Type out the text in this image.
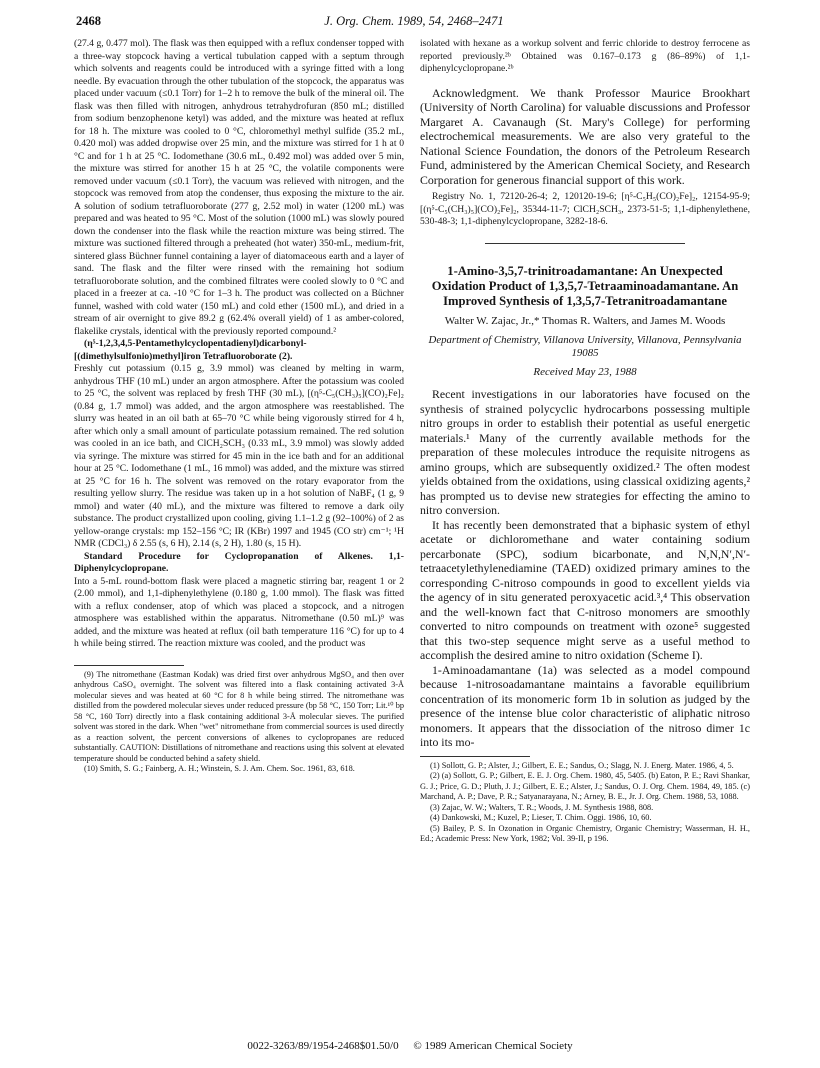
2468	J. Org. Chem. 1989, 54, 2468–2471

(27.4 g, 0.477 mol). The flask was then equipped with a reflux condenser topped with a three-way stopcock having a vertical tubulation capped with a septum through which solvents and reagents could be introduced with a syringe fitted with a long needle. By evacuation through the other tubulation of the stopcock, the apparatus was placed under vacuum (≤0.1 Torr) for 1–2 h to remove the bulk of the mineral oil. The flask was then filled with nitrogen, anhydrous tetrahydrofuran (850 mL; distilled from sodium benzophenone ketyl) was added, and the mixture was heated at reflux for 18 h. The mixture was cooled to 0 °C, chloromethyl methyl sulfide (35.2 mL, 0.420 mol) was added dropwise over 25 min, and the mixture was stirred for 1 h at 0 °C and for 1 h at 25 °C. Iodomethane (30.6 mL, 0.492 mol) was added over 5 min, the mixture was stirred for another 15 h at 25 °C, the volatile components were removed under vacuum (≤0.1 Torr), the vacuum was relieved with nitrogen, and the stopcock was removed from atop the condenser, thus exposing the mixture to the air. A solution of sodium tetrafluoroborate (277 g, 2.52 mol) in water (1200 mL) was prepared and was heated to 95 °C. Most of the solution (1000 mL) was slowly poured down the condenser into the flask while the reaction mixture was being stirred. The mixture was suctioned filtered through a preheated (hot water) 350-mL, medium-frit, sintered glass Büchner funnel containing a layer of diatomaceous earth and a layer of sand. The flask and the filter were rinsed with the remaining hot sodium tetrafluoroborate solution, and the combined filtrates were cooled slowly to 0 °C and placed in a freezer at ca. -10 °C for 1–3 h. The product was collected on a Büchner funnel, washed with cold water (150 mL) and cold ether (1500 mL), and dried in a stream of air overnight to give 89.2 g (62.4% overall yield) of 1 as amber-colored, flakelike crystals, identical with the previously reported compound.²

(η⁵-1,2,3,4,5-Pentamethylcyclopentadienyl)dicarbonyl-[(dimethylsulfonio)methyl]iron Tetrafluoroborate (2).

Freshly cut potassium (0.15 g, 3.9 mmol) was cleaned by melting in warm, anhydrous THF (10 mL) under an argon atmosphere. After the potassium was cooled to 25 °C, the solvent was replaced by fresh THF (30 mL), [(η⁵-C₅(CH₃)₅](CO)₂Fe]₂ (0.84 g, 1.7 mmol) was added, and the argon atmosphere was reestablished. The slurry was heated in an oil bath at 65–70 °C while being vigorously stirred for 4 h, after which only a small amount of particulate potassium remained. The red solution was cooled in an ice bath, and ClCH₂SCH₃ (0.33 mL, 3.9 mmol) was slowly added via syringe. The mixture was stirred for 45 min in the ice bath and for an additional hour at 25 °C. Iodomethane (1 mL, 16 mmol) was added, and the mixture was stirred at 25 °C for 16 h. The solvent was removed on the rotary evaporator from the resulting yellow slurry. The residue was taken up in a hot solution of NaBF₄ (1 g, 9 mmol) and water (40 mL), and the mixture was filtered to remove a dark oily substance. The product crystallized upon cooling, giving 1.1–1.2 g (92–100%) of 2 as yellow-orange crystals: mp 152–156 °C; IR (KBr) 1997 and 1945 (CO str) cm⁻¹; ¹H NMR (CDCl₃) δ 2.55 (s, 6 H), 2.14 (s, 2 H), 1.80 (s, 15 H).

Standard Procedure for Cyclopropanation of Alkenes. 1,1-Diphenylcyclopropane.

Into a 5-mL round-bottom flask were placed a magnetic stirring bar, reagent 1 or 2 (2.00 mmol), and 1,1-diphenylethylene (0.180 g, 1.00 mmol). The flask was fitted with a reflux condenser, atop of which was placed a stopcock, and a nitrogen atmosphere was established within the apparatus. Nitromethane (0.50 mL)⁹ was added, and the mixture was heated at reflux (oil bath temperature 116 °C) for up to 4 h while being stirred. The reaction mixture was cooled, and the product was

(9) The nitromethane (Eastman Kodak) was dried first over anhydrous MgSO₄ and then over anhydrous CaSO₄ overnight. The solvent was filtered into a flask containing activated 3-Å molecular sieves and was heated at 60 °C for 8 h while being stirred. The nitromethane was distilled from the powdered molecular sieves under reduced pressure (bp 58 °C, 150 Torr; Lit.¹⁰ bp 58 °C, 160 Torr) directly into a flask containing additional 3-Å molecular sieves. The purified solvent was stored in the dark. When "wet" nitromethane from commercial sources is used directly as a reaction solvent, the percent conversions of alkenes to cyclopropanes are reduced substantially. CAUTION: Distillations of nitromethane and reactions using this solvent at elevated temperature should be conducted behind a safety shield.

(10) Smith, S. G.; Fainberg, A. H.; Winstein, S. J. Am. Chem. Soc. 1961, 83, 618.

isolated with hexane as a workup solvent and ferric chloride to destroy ferrocene as reported previously.²ᵇ Obtained was 0.167–0.173 g (86–89%) of 1,1-diphenylcyclopropane.²ᵇ

Acknowledgment. We thank Professor Maurice Brookhart (University of North Carolina) for valuable discussions and Professor Margaret A. Cavanaugh (St. Mary's College) for performing electrochemical measurements. We are also very grateful to the National Science Foundation, the donors of the Petroleum Research Fund, administered by the American Chemical Society, and Research Corporation for generous financial support of this work.

Registry No. 1, 72120-26-4; 2, 120120-19-6; [η⁵-C₅H₅(CO)₂Fe]₂, 12154-95-9; [(η⁵-C₅(CH₃)₅](CO)₂Fe]₂, 35344-11-7; ClCH₂SCH₃, 2373-51-5; 1,1-diphenylethene, 530-48-3; 1,1-diphenylcyclopropane, 3282-18-6.

1-Amino-3,5,7-trinitroadamantane: An Unexpected Oxidation Product of 1,3,5,7-Tetraaminoadamantane. An Improved Synthesis of 1,3,5,7-Tetranitroadamantane

Walter W. Zajac, Jr.,* Thomas R. Walters, and James M. Woods

Department of Chemistry, Villanova University, Villanova, Pennsylvania 19085

Received May 23, 1988

Recent investigations in our laboratories have focused on the synthesis of strained polycyclic hydrocarbons possessing multiple nitro groups in order to establish their potential as useful energetic materials.¹ Many of the currently available methods for the preparation of these molecules introduce the requisite nitrogens as amino groups, which are subsequently oxidized.² The often modest yields obtained from the oxidations, using classical oxidizing agents,² has prompted us to devise new strategies for effecting the amino to nitro conversion.

It has recently been demonstrated that a biphasic system of ethyl acetate or dichloromethane and water containing sodium percarbonate (SPC), sodium bicarbonate, and N,N,N′,N′-tetraacetylethylenediamine (TAED) oxidized primary amines to the corresponding C-nitroso compounds in good to excellent yields via the agency of in situ generated peroxyacetic acid.³,⁴ This observation and the well-known fact that C-nitroso monomers are smoothly converted to nitro compounds on treatment with ozone⁵ suggested that this two-step sequence might serve as a useful method to accomplish the desired amine to nitro oxidation (Scheme I).

1-Aminoadamantane (1a) was selected as a model compound because 1-nitrosoadamantane maintains a favorable equilibrium concentration of its monomeric form 1b in solution as judged by the presence of the intense blue color characteristic of aliphatic nitroso monomers. It appears that the dissociation of the nitroso dimer 1c into its mo-

(1) Sollott, G. P.; Alster, J.; Gilbert, E. E.; Sandus, O.; Slagg, N. J. Energ. Mater. 1986, 4, 5.

(2) (a) Sollott, G. P.; Gilbert, E. E. J. Org. Chem. 1980, 45, 5405. (b) Eaton, P. E.; Ravi Shankar, G. J.; Price, G. D.; Pluth, J. J.; Gilbert, E. E.; Alster, J.; Sandus, O. J. Org. Chem. 1984, 49, 185. (c) Marchand, A. P.; Dave, P. R.; Satyanarayana, N.; Arney, B. E., Jr. J. Org. Chem. 1988, 53, 1088.

(3) Zajac, W. W.; Walters, T. R.; Woods, J. M. Synthesis 1988, 808.

(4) Dankowski, M.; Kuzel, P.; Lieser, T. Chim. Oggi. 1986, 10, 60.

(5) Bailey, P. S. In Ozonation in Organic Chemistry, Organic Chemistry; Wasserman, H. H., Ed.; Academic Press: New York, 1982; Vol. 39-II, p 196.

0022-3263/89/1954-2468$01.50/0 © 1989 American Chemical Society
